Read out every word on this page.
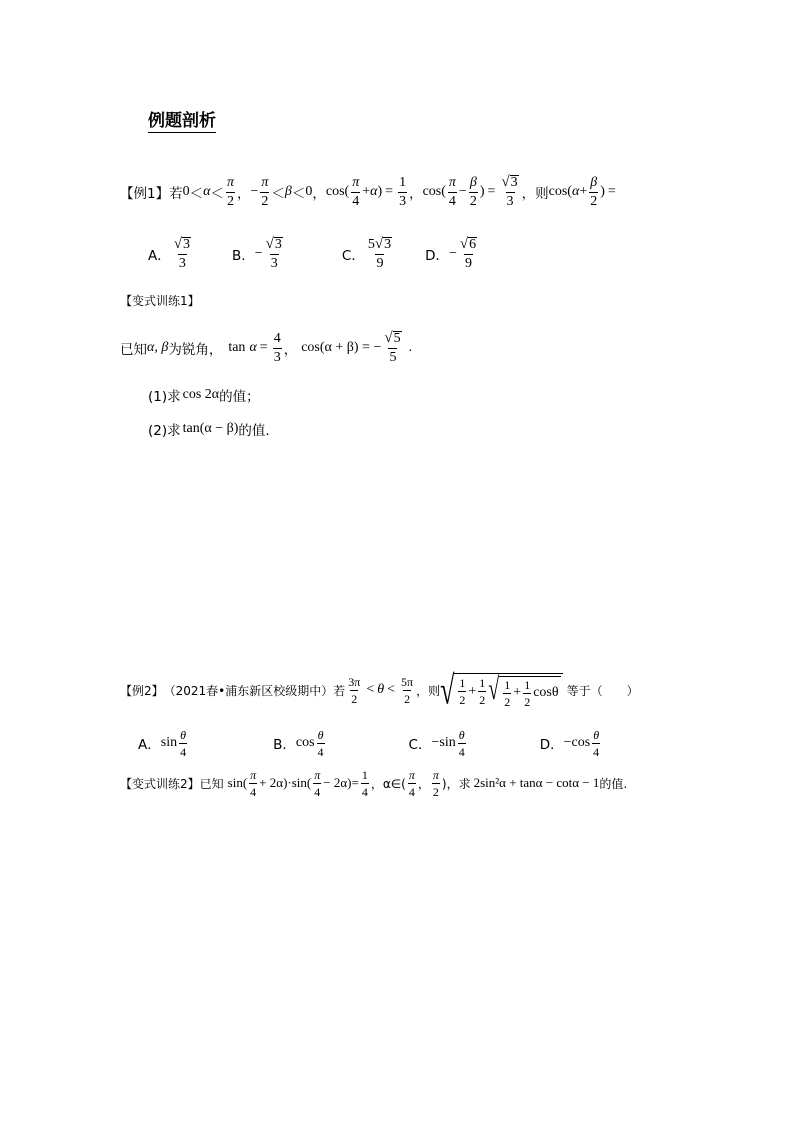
例题剖析
【例1】 若 0 ＜ α ＜
π
2 ， − $\frac{\pi}{2} < \beta < 0$ ， cos(
π
4
+ α ) = $\frac{1}{3}$ ， cos(
π
4
− $\frac{\beta}{2}$ ) = $\frac{√ 3}{3}$ ，则 cos( $\alpha + \frac{\beta}{2}$ ) =
A．
√ 3
3	B． − $\frac{√ 3}{3}$	C．
5 √ 3
9	D． − $\frac{√ 6}{9}$
【变式训练1】
已知 α, β 为锐角， $\tan \alpha = \frac{4}{3}$ ， cos(α + β) = − $\frac{√ 5}{5}$ .
(1)求 cos 2α 的值；
(2)求 tan(α − β) 的值.
【例2】 （2021春•浦东新区校级期中）若
3π
2
< θ <
5π
2
，则 √ 1
2
+ $\frac{1}{2}$ √ 1
2
+ $\frac{1}{2}$ cosθ 等于（　　）
A． sin
θ
4	B． cos
θ
4	C． −sin
θ
4	D． −cos
θ
4
【变式训练2】 已知 sin(
π
4
+ 2α)·sin(
π
4
− $2\alpha)= \frac{1}{4}$ ，α∈(
π
4
，
π
2
)，求 2sin²α + tanα − cotα − 1 的值.
